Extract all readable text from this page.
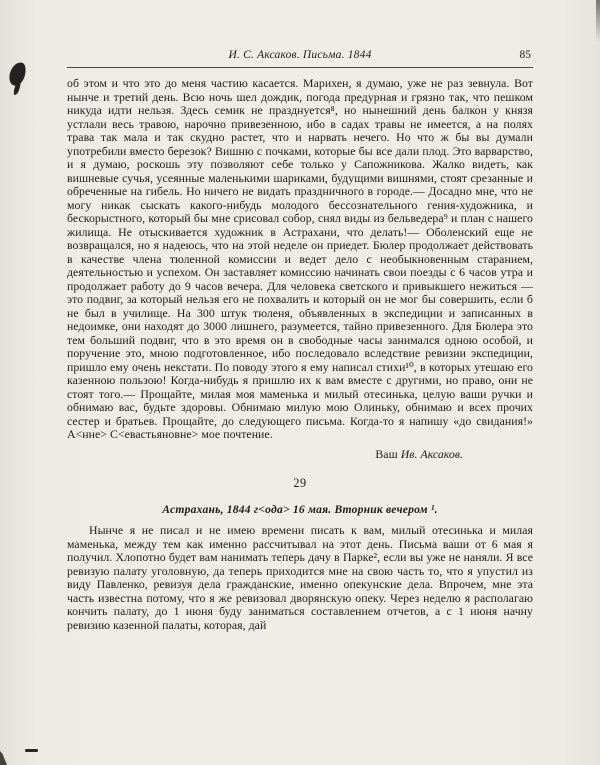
И. С. Аксаков. Письма. 1844	85

об этом и что это до меня частию касается. Марихен, я думаю, уже не раз зевнула. Вот нынче и третий день. Всю ночь шел дождик, погода предурная и грязно так, что пешком никуда идти нельзя. Здесь семик не празднуется⁸, но нынешний день балкон у князя устлали весь травою, нарочно привезенною, ибо в садах травы не имеется, а на полях трава так мала и так скудно растет, что и нарвать нечего. Но что ж бы вы думали употребили вместо березок? Вишню с почками, которые бы все дали плод. Это варварство, и я думаю, роскошь эту позволяют себе только у Сапожникова. Жалко видеть, как вишневые сучья, усеянные маленькими шариками, будущими вишнями, стоят срезанные и обреченные на гибель. Но ничего не видать праздничного в городе.— Досадно мне, что не могу никак сыскать какого-нибудь молодого бессознательного гения-художника, и бескорыстного, который бы мне срисовал собор, снял виды из бельведера⁹ и план с нашего жилища. Не отыскивается художник в Астрахани, что делать!— Оболенский еще не возвращался, но я надеюсь, что на этой неделе он приедет. Бюлер продолжает действовать в качестве члена тюленной комиссии и ведет дело с необыкновенным старанием, деятельностью и успехом. Он заставляет комиссию начинать свои поезды с 6 часов утра и продолжает работу до 9 часов вечера. Для человека светского и привыкшего нежиться — это подвиг, за который нельзя его не похвалить и который он не мог бы совершить, если б не был в училище. На 300 штук тюленя, объявленных в экспедиции и записанных в недоимке, они находят до 3000 лишнего, разумеется, тайно привезенного. Для Бюлера это тем больший подвиг, что в это время он в свободные часы занимался одною особой, и поручение это, мною подготовленное, ибо последовало вследствие ревизии экспедиции, пришло ему очень некстати. По поводу этого я ему написал стихи¹⁰, в которых утешаю его казенною пользою! Когда-нибудь я пришлю их к вам вместе с другими, но право, они не стоят того.— Прощайте, милая моя маменька и милый отесинька, целую ваши ручки и обнимаю вас, будьте здоровы. Обнимаю милую мою Олиньку, обнимаю и всех прочих сестер и братьев. Прощайте, до следующего письма. Когда-то я напишу «до свидания!» А<нне> С<евастьяновне> мое почтение.

Ваш Ив. Аксаков.

29

Астрахань, 1844 г<ода> 16 мая. Вторник вечером ¹.

Нынче я не писал и не имею времени писать к вам, милый отесинька и милая маменька, между тем как именно рассчитывал на этот день. Письма ваши от 6 мая я получил. Хлопотно будет вам нанимать теперь дачу в Парке², если вы уже не наняли. Я все ревизую палату уголовную, да теперь приходится мне на свою часть то, что я упустил из виду Павленко, ревизуя дела гражданские, именно опекунские дела. Впрочем, мне эта часть известна потому, что я же ревизовал дворянскую опеку. Через неделю я располагаю кончить палату, до 1 июня буду заниматься составлением отчетов, а с 1 июня начну ревизию казенной палаты, которая, дай
